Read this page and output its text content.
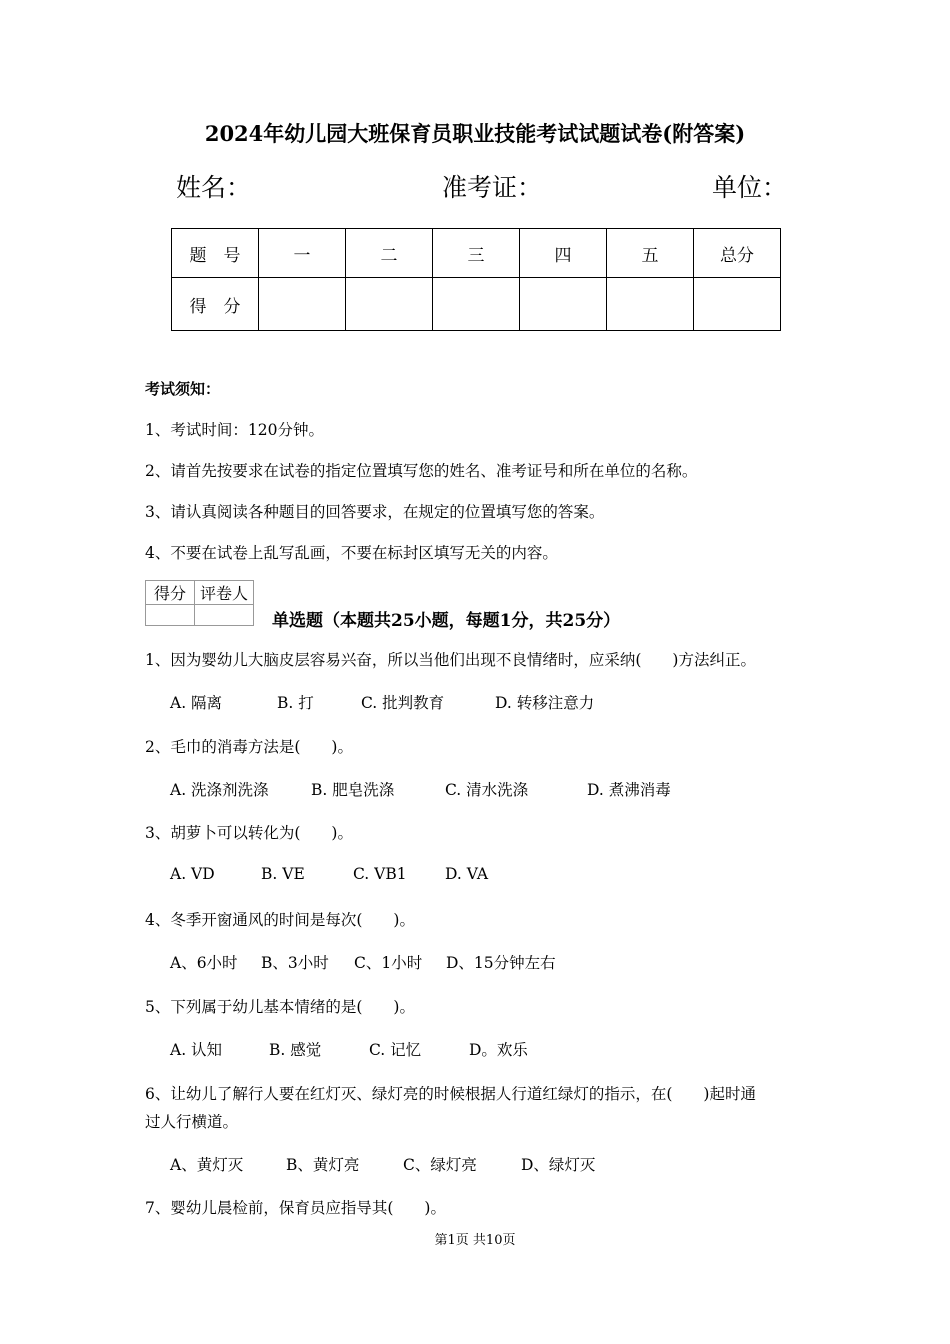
2024年幼儿园大班保育员职业技能考试试题试卷(附答案)
姓名：	准考证：	单位：
题　号	一	二	三	四	五	总分
得　分						
考试须知：
1、考试时间：120分钟。
2、请首先按要求在试卷的指定位置填写您的姓名、准考证号和所在单位的名称。
3、请认真阅读各种题目的回答要求，在规定的位置填写您的答案。
4、不要在试卷上乱写乱画，不要在标封区填写无关的内容。
得分	评卷人

单选题（本题共25小题，每题1分，共25分）
1、因为婴幼儿大脑皮层容易兴奋，所以当他们出现不良情绪时，应采纳(　　)方法纠正。
A. 隔离	B. 打	C. 批判教育	D. 转移注意力
2、毛巾的消毒方法是(　　)。
A. 洗涤剂洗涤	B. 肥皂洗涤	C. 清水洗涤	D. 煮沸消毒
3、胡萝卜可以转化为(　　)。
A. VD	B. VE	C. VB1 D. VA
4、冬季开窗通风的时间是每次(　　)。
A、6小时 B、3小时 C、1小时 D、15分钟左右
5、下列属于幼儿基本情绪的是(　　)。
A. 认知	B. 感觉	C. 记忆	D。欢乐
6、让幼儿了解行人要在红灯灭、绿灯亮的时候根据人行道红绿灯的指示，在(　　)起时通
过人行横道。
A、黄灯灭	B、黄灯亮	C、绿灯亮	D、绿灯灭
7、婴幼儿晨检前，保育员应指导其(　　)。
第1页 共10页
